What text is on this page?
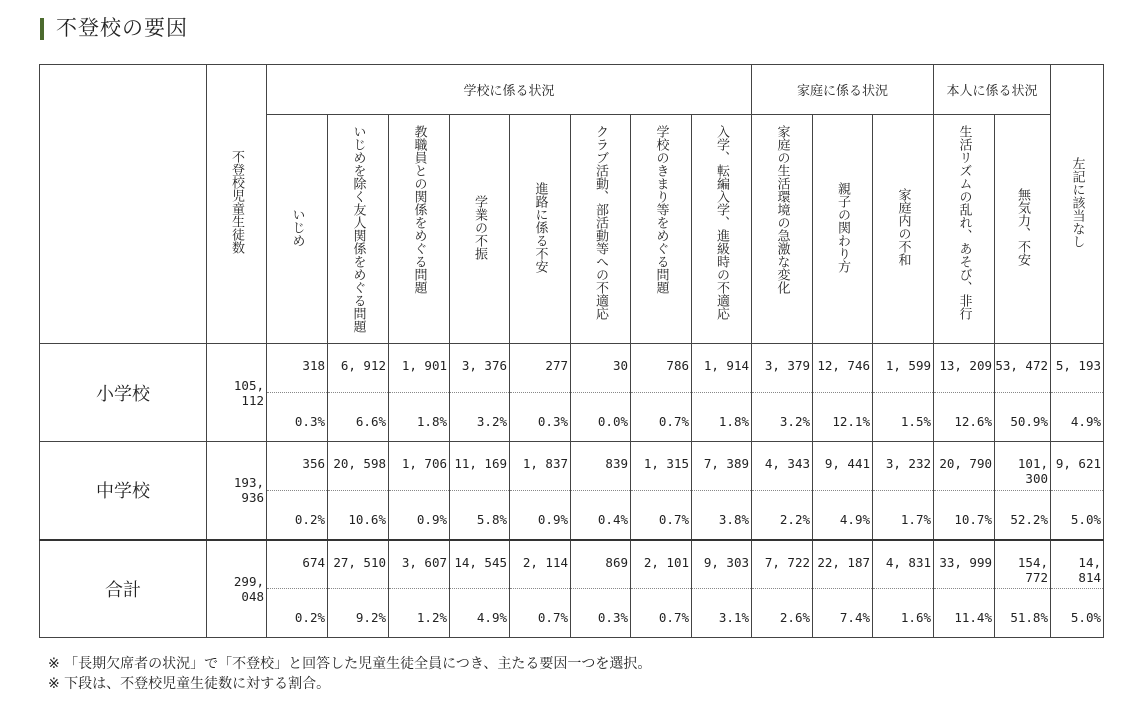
不登校の要因
	不登校児童生徒数	学校に係る状況								家庭に係る状況			本人に係る状況		左記に該当なし
		いじめ	いじめを除く友人関係をめぐる問題	教職員との関係をめぐる問題	学業の不振	進路に係る不安	クラブ活動、部活動等への不適応	学校のきまり等をめぐる問題	入学、転編入学、進級時の不適応	家庭の生活環境の急激な変化	親子の関わり方	家庭内の不和	生活リズムの乱れ、あそび、非行	無気力、不安	
小学校	105, 112	318	6, 912	1, 901	3, 376	277	30	786	1, 914	3, 379	12, 746	1, 599	13, 209	53, 472	5, 193
		0.3%	6.6%	1.8%	3.2%	0.3%	0.0%	0.7%	1.8%	3.2%	12.1%	1.5%	12.6%	50.9%	4.9%
中学校	193, 936	356	20, 598	1, 706	11, 169	1, 837	839	1, 315	7, 389	4, 343	9, 441	3, 232	20, 790	101, 300	9, 621
		0.2%	10.6%	0.9%	5.8%	0.9%	0.4%	0.7%	3.8%	2.2%	4.9%	1.7%	10.7%	52.2%	5.0%
合計	299, 048	674	27, 510	3, 607	14, 545	2, 114	869	2, 101	9, 303	7, 722	22, 187	4, 831	33, 999	154, 772	14, 814
		0.2%	9.2%	1.2%	4.9%	0.7%	0.3%	0.7%	3.1%	2.6%	7.4%	1.6%	11.4%	51.8%	5.0%
※ 「長期欠席者の状況」で「不登校」と回答した児童生徒全員につき、主たる要因一つを選択。
※ 下段は、不登校児童生徒数に対する割合。
